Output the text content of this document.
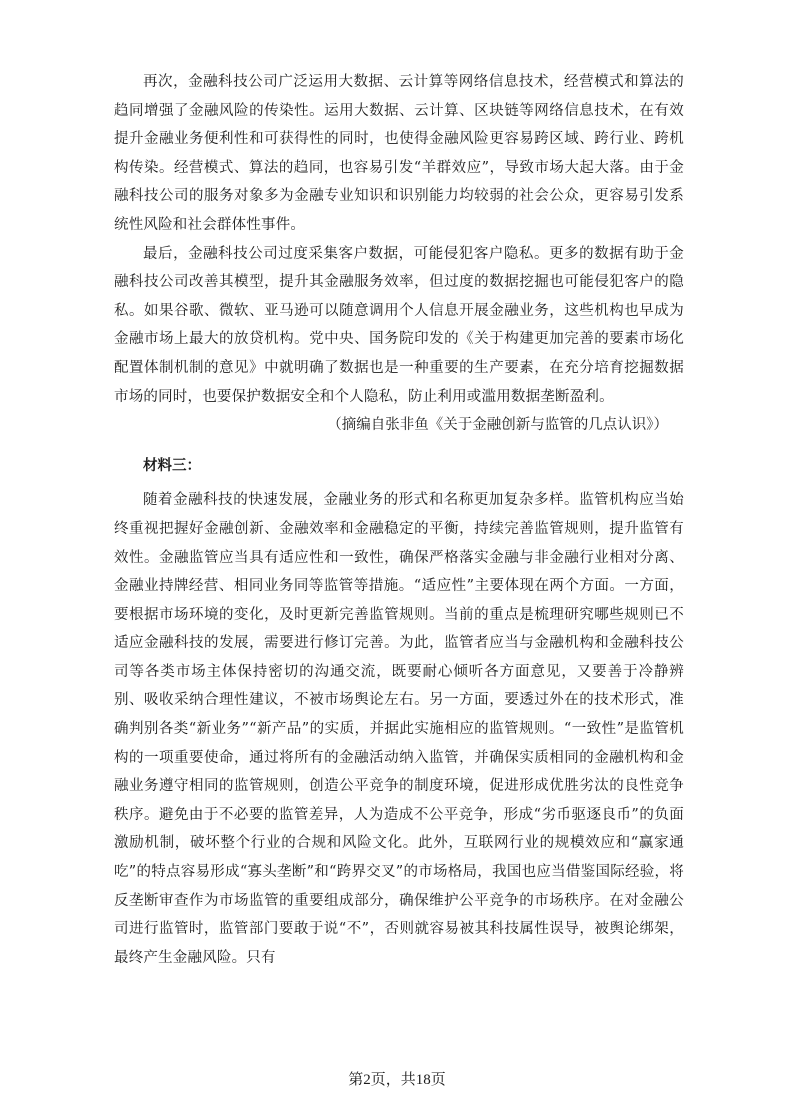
再次，金融科技公司广泛运用大数据、云计算等网络信息技术，经营模式和算法的趋同增强了金融风险的传染性。运用大数据、云计算、区块链等网络信息技术，在有效提升金融业务便利性和可获得性的同时，也使得金融风险更容易跨区域、跨行业、跨机构传染。经营模式、算法的趋同，也容易引发“羊群效应”，导致市场大起大落。由于金融科技公司的服务对象多为金融专业知识和识别能力均较弱的社会公众，更容易引发系统性风险和社会群体性事件。

最后，金融科技公司过度采集客户数据，可能侵犯客户隐私。更多的数据有助于金融科技公司改善其模型，提升其金融服务效率，但过度的数据挖掘也可能侵犯客户的隐私。如果谷歌、微软、亚马逊可以随意调用个人信息开展金融业务，这些机构也早成为金融市场上最大的放贷机构。党中央、国务院印发的《关于构建更加完善的要素市场化配置体制机制的意见》中就明确了数据也是一种重要的生产要素，在充分培育挖掘数据市场的同时，也要保护数据安全和个人隐私，防止利用或滥用数据垄断盈利。

（摘编自张非鱼《关于金融创新与监管的几点认识》）

材料三：

随着金融科技的快速发展，金融业务的形式和名称更加复杂多样。监管机构应当始终重视把握好金融创新、金融效率和金融稳定的平衡，持续完善监管规则，提升监管有效性。金融监管应当具有适应性和一致性，确保严格落实金融与非金融行业相对分离、金融业持牌经营、相同业务同等监管等措施。“适应性”主要体现在两个方面。一方面，要根据市场环境的变化，及时更新完善监管规则。当前的重点是梳理研究哪些规则已不适应金融科技的发展，需要进行修订完善。为此，监管者应当与金融机构和金融科技公司等各类市场主体保持密切的沟通交流，既要耐心倾听各方面意见，又要善于冷静辨别、吸收采纳合理性建议，不被市场舆论左右。另一方面，要透过外在的技术形式，准确判别各类“新业务”“新产品”的实质，并据此实施相应的监管规则。“一致性”是监管机构的一项重要使命，通过将所有的金融活动纳入监管，并确保实质相同的金融机构和金融业务遵守相同的监管规则，创造公平竞争的制度环境，促进形成优胜劣汰的良性竞争秩序。避免由于不必要的监管差异，人为造成不公平竞争，形成“劣币驱逐良币”的负面激励机制，破坏整个行业的合规和风险文化。此外，互联网行业的规模效应和“赢家通吃”的特点容易形成“寡头垄断”和“跨界交叉”的市场格局，我国也应当借鉴国际经验，将反垄断审查作为市场监管的重要组成部分，确保维护公平竞争的市场秩序。在对金融公司进行监管时，监管部门要敢于说“不”，否则就容易被其科技属性误导，被舆论绑架，最终产生金融风险。只有

第2页，共18页
